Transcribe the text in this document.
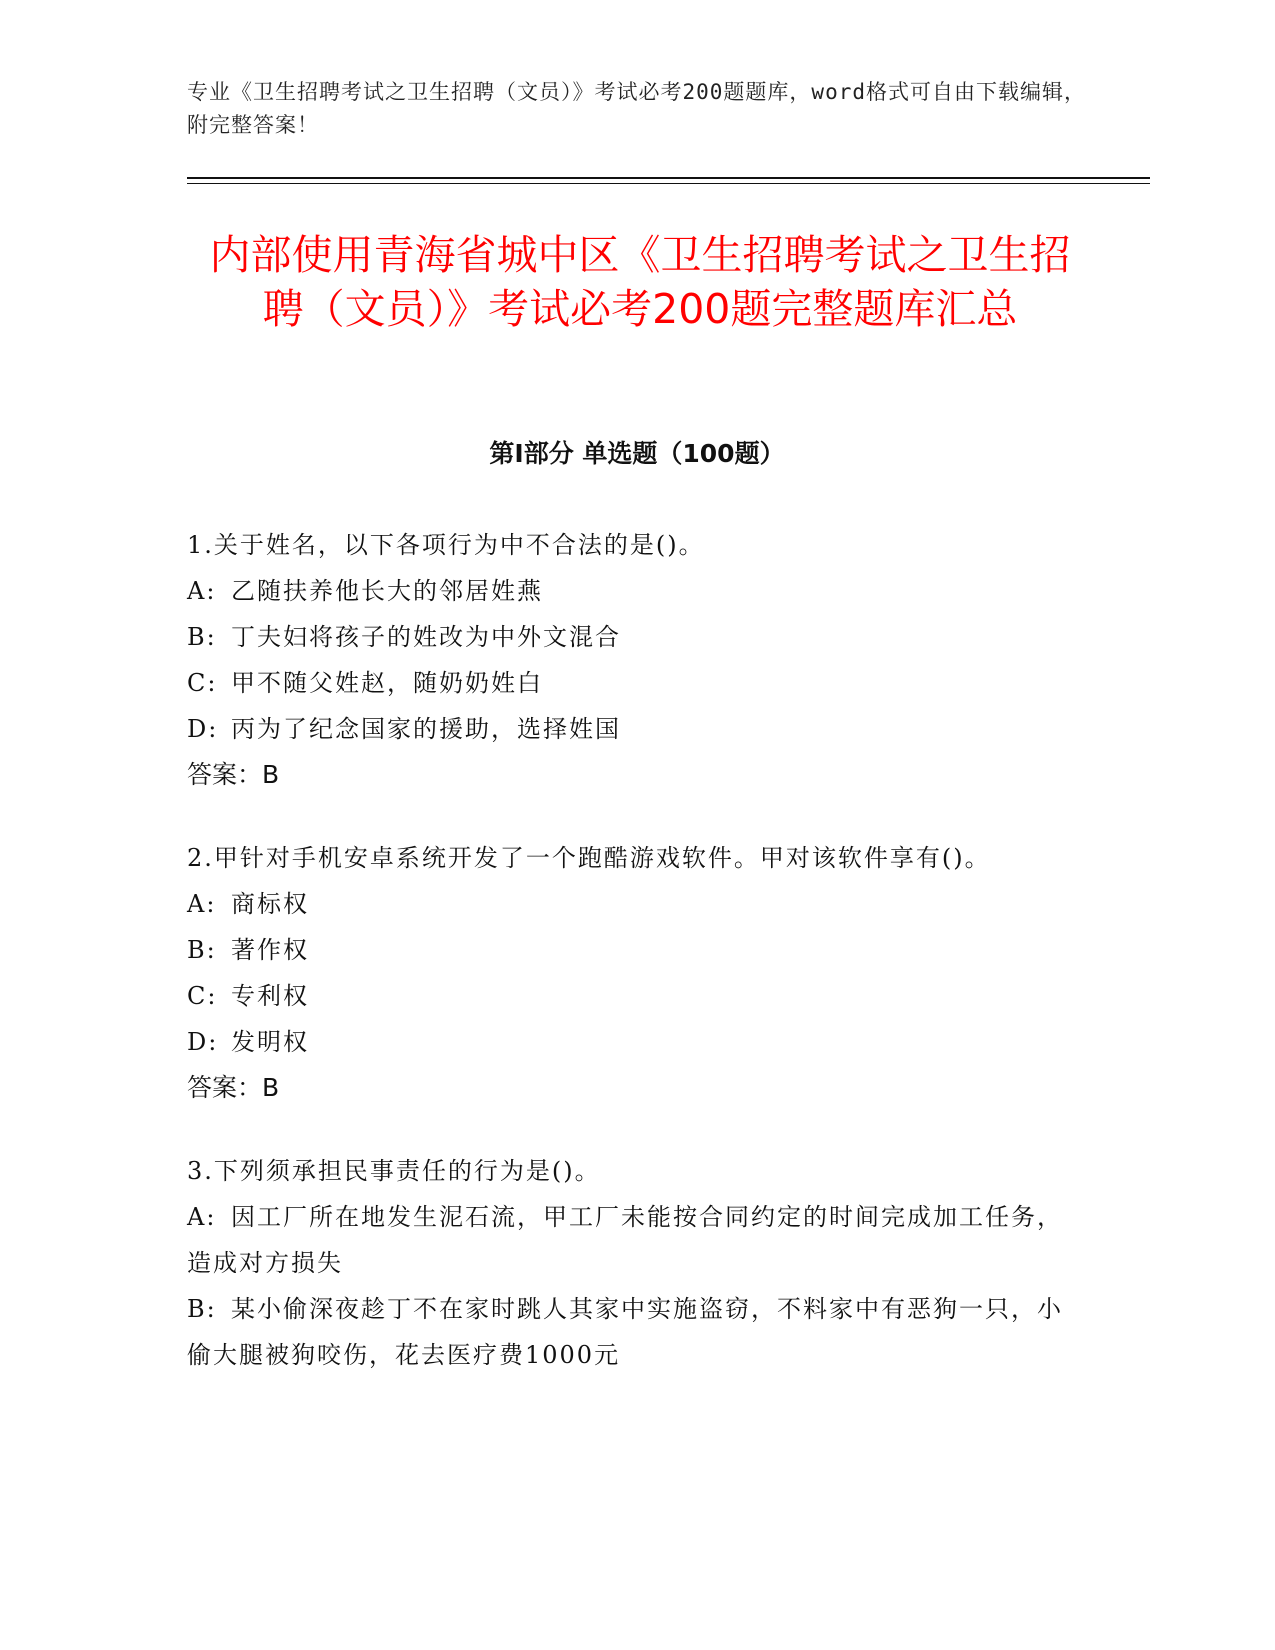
专业《卫生招聘考试之卫生招聘（文员）》考试必考200题题库，word格式可自由下载编辑，附完整答案！
内部使用青海省城中区《卫生招聘考试之卫生招聘（文员）》考试必考200题完整题库汇总
第I部分 单选题（100题）
1.关于姓名，以下各项行为中不合法的是()。
A: 乙随扶养他长大的邻居姓燕
B: 丁夫妇将孩子的姓改为中外文混合
C: 甲不随父姓赵，随奶奶姓白
D: 丙为了纪念国家的援助，选择姓国
答案：B
2.甲针对手机安卓系统开发了一个跑酷游戏软件。甲对该软件享有()。
A: 商标权
B: 著作权
C: 专利权
D: 发明权
答案：B
3.下列须承担民事责任的行为是()。
A: 因工厂所在地发生泥石流，甲工厂未能按合同约定的时间完成加工任务，造成对方损失
B: 某小偷深夜趁丁不在家时跳人其家中实施盗窃，不料家中有恶狗一只，小偷大腿被狗咬伤，花去医疗费1000元
